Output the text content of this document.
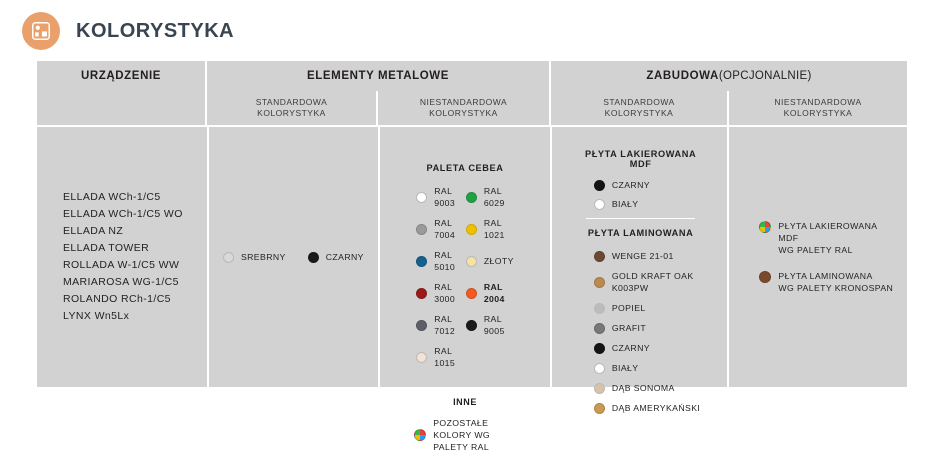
KOLORYSTYKA
URZĄDZENIE	ELEMENTY METALOWE
STANDARDOWA
KOLORYSTYKA
NIESTANDARDOWA
KOLORYSTYKA
ZABUDOWA (OPCJONALNIE)
STANDARDOWA
KOLORYSTYKA
NIESTANDARDOWA
KOLORYSTYKA
ELLADA WCh-1/C5
ELLADA WCh-1/C5 WO
ELLADA NZ
ELLADA TOWER
ROLLADA W-1/C5 WW
MARIAROSA WG-1/C5
ROLANDO RCh-1/C5
LYNX Wn5Lx
SREBRNY	CZARNY
PALETA CEBEA
RAL 9003
RAL 6029
RAL 7004
RAL 1021
RAL 5010
ZŁOTY
RAL 3000
RAL 2004
RAL 7012
RAL 9005
RAL 1015
INNE
POZOSTAŁE
KOLORY WG PALETY RAL
PŁYTA LAKIEROWANA MDF
CZARNY
BIAŁY
PŁYTA LAMINOWANA
WENGE 21-01
GOLD KRAFT OAK K003PW
POPIEL
GRAFIT
CZARNY
BIAŁY
DĄB SONOMA
DĄB AMERYKAŃSKI
PŁYTA LAKIEROWANA MDF
WG PALETY RAL
PŁYTA LAMINOWANA
WG PALETY KRONOSPAN
